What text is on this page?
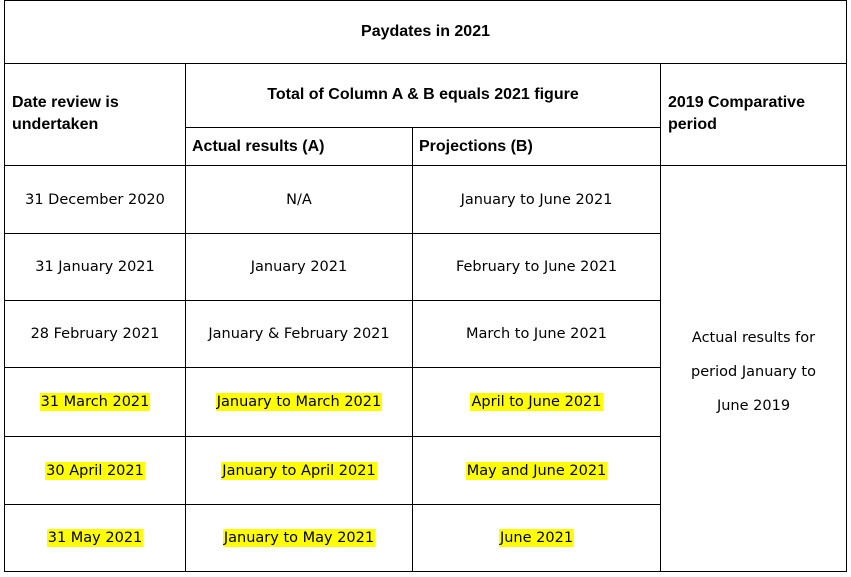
Paydates in 2021			
Date review is undertaken	Total of Column A & B equals 2021 figure		2019 Comparative period
	Actual results (A)	Projections (B)	
31 December 2020	N/A	January to June 2021	Actual results for
period January to
June 2019

31 January 2021	January 2021	February to June 2021	
28 February 2021	January & February 2021	March to June 2021	
31 March 2021	January to March 2021	April to June 2021	
30 April 2021	January to April 2021	May and June 2021	
31 May 2021	January to May 2021	June 2021	
